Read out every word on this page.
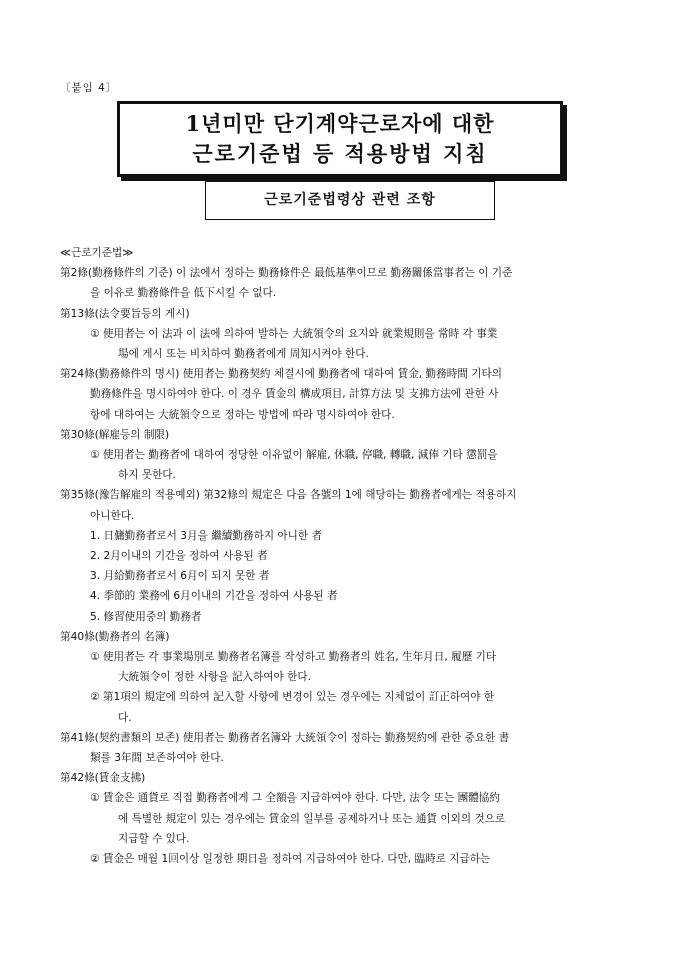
〔붙임 4〕
1년미만 단기계약근로자에 대한
근로기준법 등 적용방법 지침
근로기준법령상 관련 조항
≪근로기준법≫
第2條(勤務條件의 기준) 이 法에서 정하는 勤務條件은 最低基準이므로 勤務關係當事者는 이 기준
을 이유로 勤務條件을 低下시킬 수 없다.
第13條(法令要旨등의 게시)
① 使用者는 이 法과 이 法에 의하여 발하는 大統領令의 요지와 就業規則을 常時 각 事業
場에 게시 또는 비치하여 勤務者에게 周知시켜야 한다.
第24條(勤務條件의 명시) 使用者는 勤務契約 체결시에 勤務者에 대하여 賃金, 勤務時間 기타의
勤務條件을 명시하여야 한다. 이 경우 賃金의 構成項目, 計算方法 및 支拂方法에 관한 사
항에 대하여는 大統領令으로 정하는 방법에 따라 명시하여야 한다.
第30條(解雇등의 制限)
① 使用者는 勤務者에 대하여 정당한 이유없이 解雇, 休職, 停職, 轉職, 減俸 기타 懲罰을
하지 못한다.
第35條(豫告解雇의 적용예외) 第32條의 規定은 다음 各號의 1에 해당하는 勤務者에게는 적용하지
아니한다.
1. 日傭勤務者로서 3月을 繼續勤務하지 아니한 者
2. 2月이내의 기간을 정하여 사용된 者
3. 月給勤務者로서 6月이 되지 못한 者
4. 季節的 業務에 6月이내의 기간을 정하여 사용된 者
5. 修習使用중의 勤務者
第40條(勤務者의 名簿)
① 使用者는 각 事業場別로 勤務者名簿를 작성하고 勤務者의 姓名, 生年月日, 履歷 기타
大統領令이 정한 사항을 記入하여야 한다.
② 第1項의 規定에 의하여 記入할 사항에 변경이 있는 경우에는 지체없이 訂正하여야 한
다.
第41條(契約書類의 보존) 使用者는 勤務者名簿와 大統領令이 정하는 勤務契約에 관한 중요한 書
類를 3年間 보존하여야 한다.
第42條(賃金支拂)
① 賃金은 通貨로 직접 勤務者에게 그 全額을 지급하여야 한다. 다만, 法令 또는 團體協約
에 특별한 規定이 있는 경우에는 賃金의 일부를 공제하거나 또는 通貨 이외의 것으로
지급할 수 있다.
② 賃金은 매월 1回이상 일정한 期日을 정하여 지급하여야 한다. 다만, 臨時로 지급하는
